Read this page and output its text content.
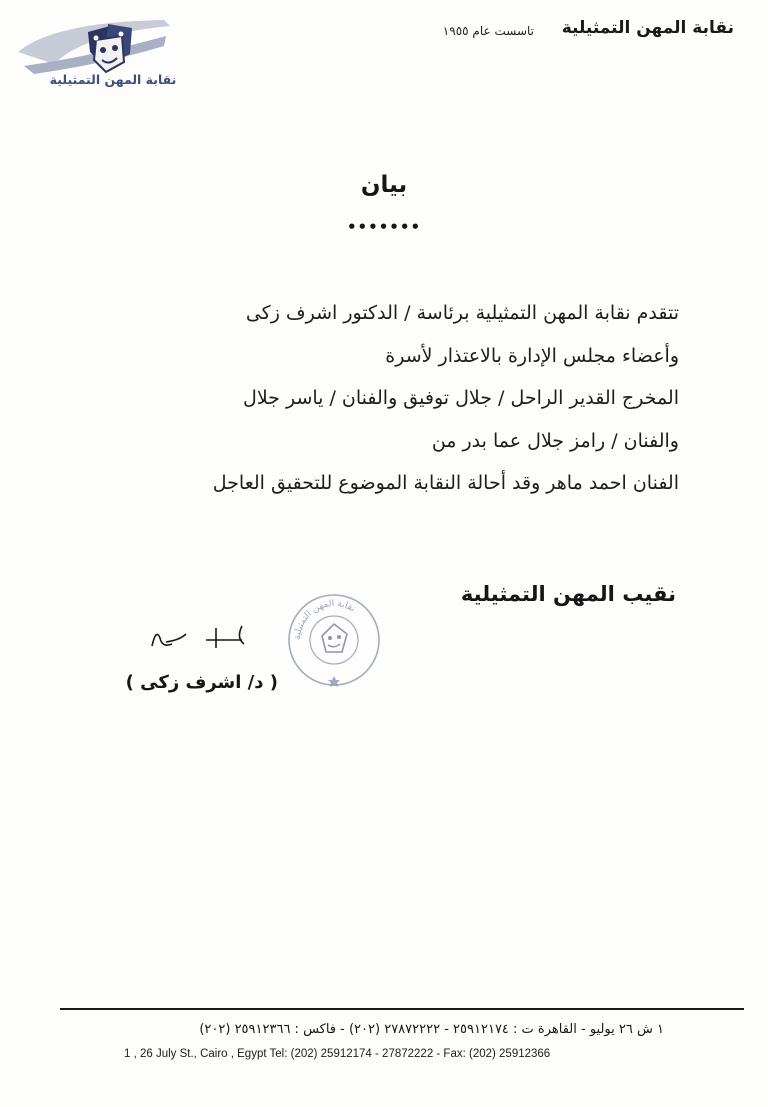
نقابة المهن التمثيلية
نقابة المهن التمثيلية
تاسست عام ١٩٥٥
بيان
•••••••

تتقدم نقابة المهن التمثيلية برئاسة / الدكتور اشرف زكى

وأعضاء مجلس الإدارة بالاعتذار لأسرة

المخرج القدير الراحل / جلال توفيق والفنان / ياسر جلال

والفنان / رامز جلال عما بدر من

الفنان احمد ماهر وقد أحالة النقابة الموضوع للتحقيق العاجل

نقابة المهن التمثيلية
نقيب المهن التمثيلية
( د/ اشرف زكى )
١ ش ٢٦ يوليو - القاهرة ت : ٢٥٩١٢١٧٤ - ٢٧٨٧٢٢٢٢ (٢٠٢) - فاكس : ٢٥٩١٢٣٦٦ (٢٠٢)
1 , 26 July St., Cairo , Egypt Tel: (202) 25912174 - 27872222 - Fax: (202) 25912366
